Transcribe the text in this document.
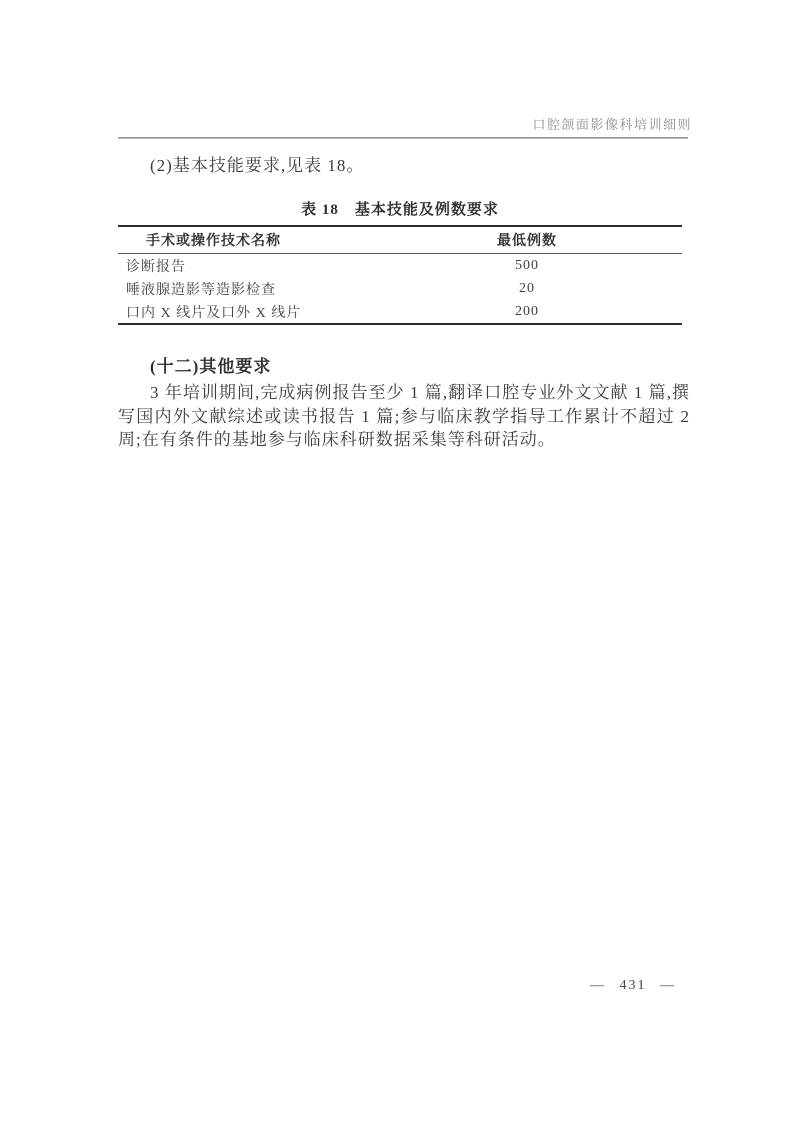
口腔颌面影像科培训细则

(2)基本技能要求,见表 18。

表 18　基本技能及例数要求
手术或操作技术名称	最低例数
诊断报告	500
唾液腺造影等造影检查	20
口内 X 线片及口外 X 线片	200
(十二)其他要求

3 年培训期间,完成病例报告至少 1 篇,翻译口腔专业外文文献 1 篇,撰写国内外文献综述或读书报告 1 篇;参与临床教学指导工作累计不超过 2 周;在有条件的基地参与临床科研数据采集等科研活动。

— 431 —
